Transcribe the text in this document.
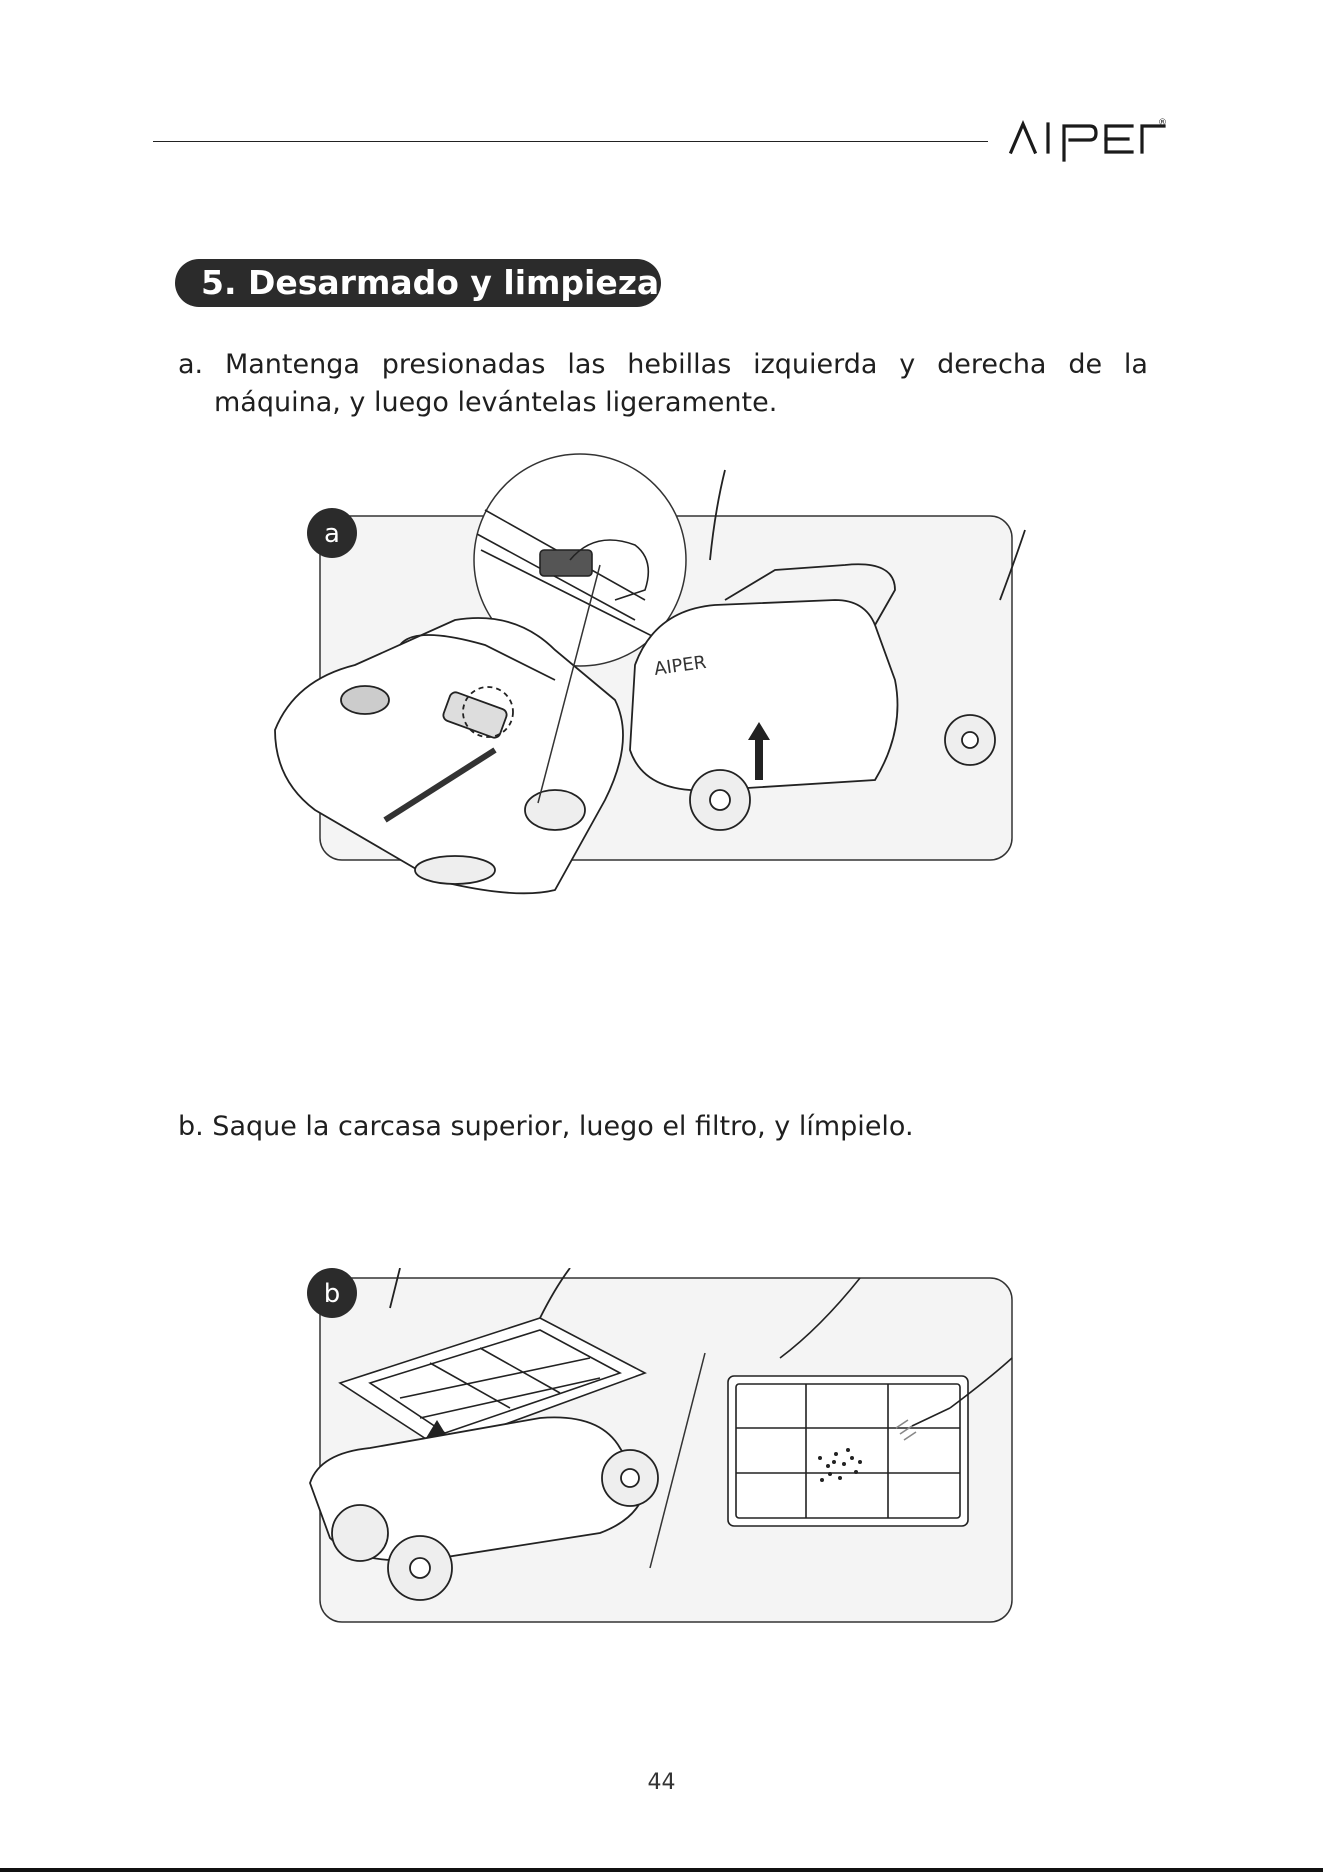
®
5. Desarmado y limpieza
a. Mantenga presionadas las hebillas izquierda y derecha de la
máquina, y luego levántelas ligeramente.
a
AIPER
b. Saque la carcasa superior, luego el filtro, y límpielo.
b
44
